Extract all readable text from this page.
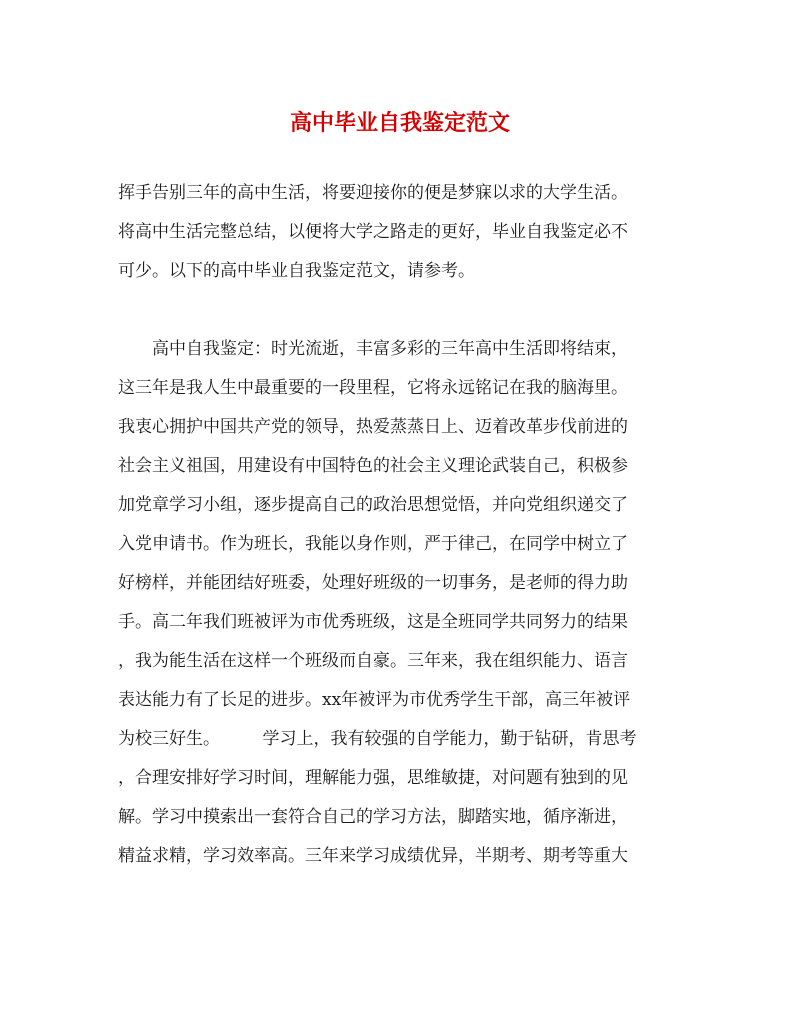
高中毕业自我鉴定范文

挥手告别三年的高中生活，将要迎接你的便是梦寐以求的大学生活。

将高中生活完整总结，以便将大学之路走的更好，毕业自我鉴定必不

可少。以下的高中毕业自我鉴定范文，请参考。

　　高中自我鉴定：时光流逝，丰富多彩的三年高中生活即将结束，

这三年是我人生中最重要的一段里程，它将永远铭记在我的脑海里。

我衷心拥护中国共产党的领导，热爱蒸蒸日上、迈着改革步伐前进的

社会主义祖国，用建设有中国特色的社会主义理论武装自己，积极参

加党章学习小组，逐步提高自己的政治思想觉悟，并向党组织递交了

入党申请书。作为班长，我能以身作则，严于律己，在同学中树立了

好榜样，并能团结好班委，处理好班级的一切事务，是老师的得力助

手。高二年我们班被评为市优秀班级，这是全班同学共同努力的结果

，我为能生活在这样一个班级而自豪。三年来，我在组织能力、语言

表达能力有了长足的进步。xx年被评为市优秀学生干部，高三年被评

为校三好生。　　　学习上，我有较强的自学能力，勤于钻研，肯思考

，合理安排好学习时间，理解能力强，思维敏捷，对问题有独到的见

解。学习中摸索出一套符合自己的学习方法，脚踏实地，循序渐进，

精益求精，学习效率高。三年来学习成绩优异，半期考、期考等重大
